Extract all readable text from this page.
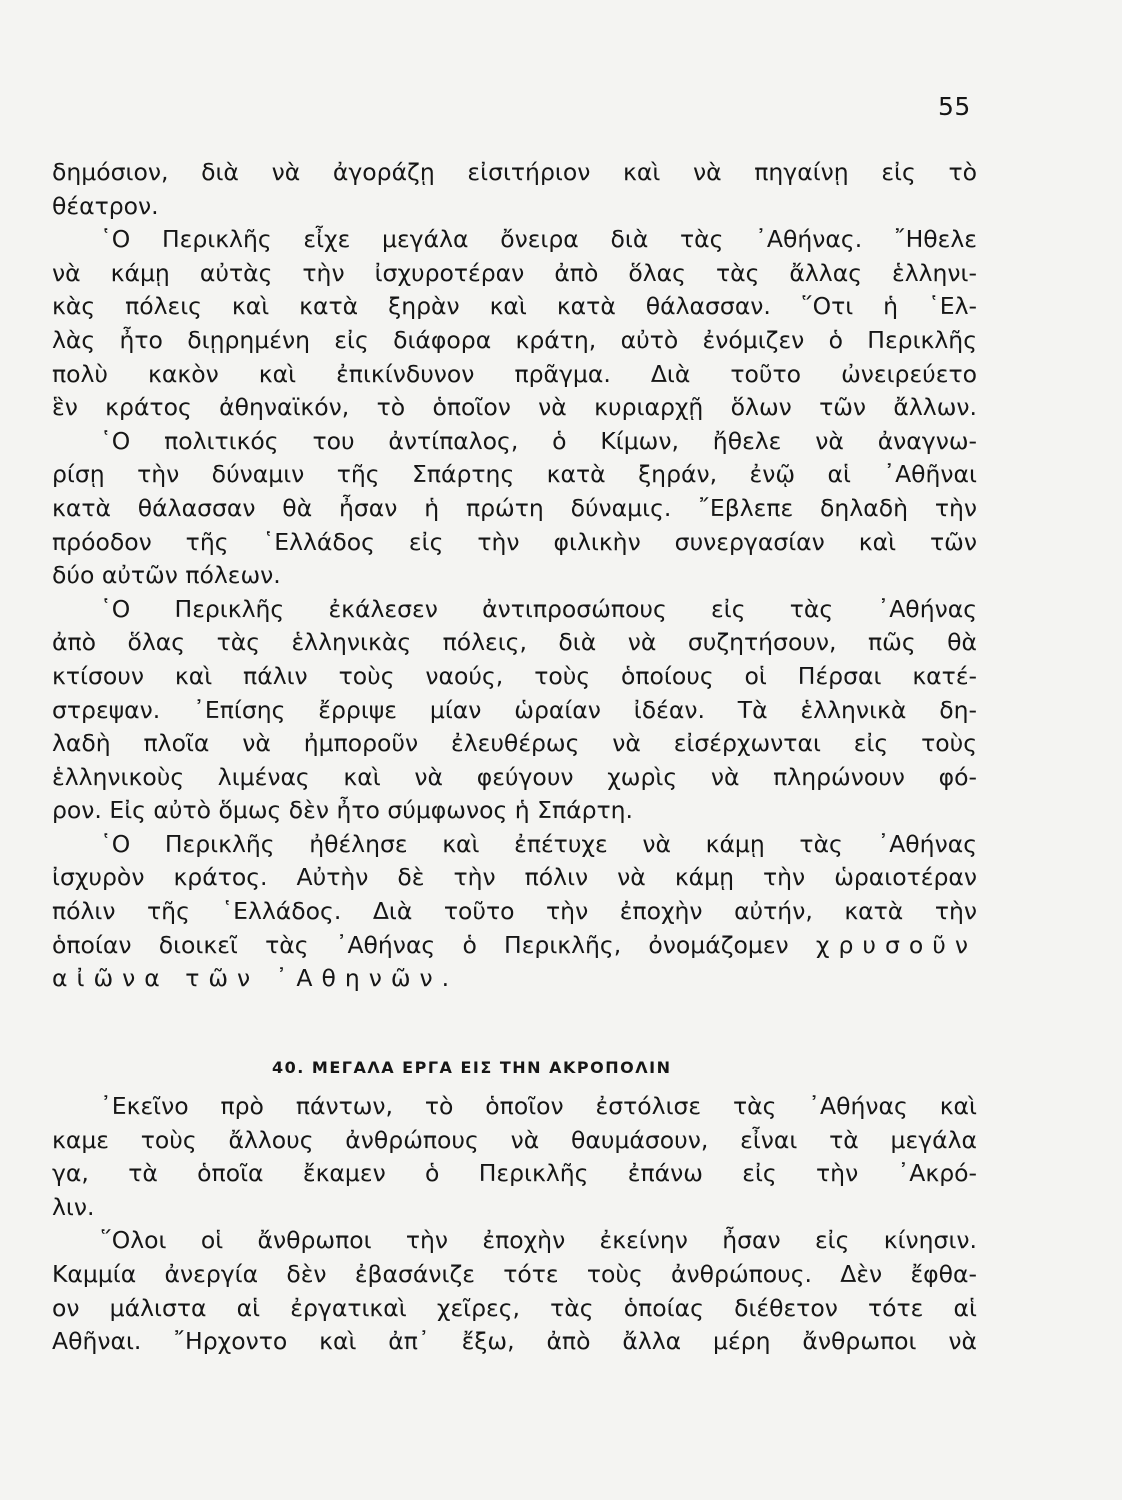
55
δημόσιον, διὰ νὰ ἀγοράζῃ εἰσιτήριον καὶ νὰ πηγαίνῃ εἰς τὸ
θέατρον.
῾Ο Περικλῆς εἶχε μεγάλα ὄνειρα διὰ τὰς ᾿Αθήνας. ῎Ηθελε
νὰ κάμῃ αὐτὰς τὴν ἰσχυροτέραν ἀπὸ ὅλας τὰς ἄλλας ἑλληνι-
κὰς πόλεις καὶ κατὰ ξηρὰν καὶ κατὰ θάλασσαν. ῞Οτι ἡ ῾Ελ-
λὰς ἦτο διῃρημένη εἰς διάφορα κράτη, αὐτὸ ἐνόμιζεν ὁ Περικλῆς
πολὺ κακὸν καὶ ἐπικίνδυνον πρᾶγμα. Διὰ τοῦτο ὠνειρεύετο
ἓν κράτος ἀθηναϊκόν, τὸ ὁποῖον νὰ κυριαρχῇ ὅλων τῶν ἄλλων.
῾Ο πολιτικός του ἀντίπαλος, ὁ Κίμων, ἤθελε νὰ ἀναγνω-
ρίσῃ τὴν δύναμιν τῆς Σπάρτης κατὰ ξηράν, ἐνῷ αἱ ᾿Αθῆναι
κατὰ θάλασσαν θὰ ἦσαν ἡ πρώτη δύναμις. ῎Εβλεπε δηλαδὴ τὴν
πρόοδον τῆς ῾Ελλάδος εἰς τὴν φιλικὴν συνεργασίαν καὶ τῶν
δύο αὐτῶν πόλεων.
῾Ο Περικλῆς ἐκάλεσεν ἀντιπροσώπους εἰς τὰς ᾿Αθήνας
ἀπὸ ὅλας τὰς ἑλληνικὰς πόλεις, διὰ νὰ συζητήσουν, πῶς θὰ
κτίσουν καὶ πάλιν τοὺς ναούς, τοὺς ὁποίους οἱ Πέρσαι κατέ-
στρεψαν. ᾿Επίσης ἔρριψε μίαν ὡραίαν ἰδέαν. Τὰ ἑλληνικὰ δη-
λαδὴ πλοῖα νὰ ἠμποροῦν ἐλευθέρως νὰ εἰσέρχωνται εἰς τοὺς
ἑλληνικοὺς λιμένας καὶ νὰ φεύγουν χωρὶς νὰ πληρώνουν φό-
ρον. Εἰς αὐτὸ ὅμως δὲν ἦτο σύμφωνος ἡ Σπάρτη.
῾Ο Περικλῆς ἠθέλησε καὶ ἐπέτυχε νὰ κάμῃ τὰς ᾿Αθήνας
ἰσχυρὸν κράτος. Αὐτὴν δὲ τὴν πόλιν νὰ κάμῃ τὴν ὡραιοτέραν
πόλιν τῆς ῾Ελλάδος. Διὰ τοῦτο τὴν ἐποχὴν αὐτήν, κατὰ τὴν
ὁποίαν διοικεῖ τὰς ᾿Αθήνας ὁ Περικλῆς, ὀνομάζομεν χρυσοῦν
αἰῶνα τῶν ᾿Αθηνῶν.
40. ΜΕΓΑΛΑ ΕΡΓΑ ΕΙΣ ΤΗΝ ΑΚΡΟΠΟΛΙΝ
᾿Εκεῖνο πρὸ πάντων, τὸ ὁποῖον ἐστόλισε τὰς ᾿Αθήνας καὶ
καμε τοὺς ἄλλους ἀνθρώπους νὰ θαυμάσουν, εἶναι τὰ μεγάλα
γα, τὰ ὁποῖα ἔκαμεν ὁ Περικλῆς ἐπάνω εἰς τὴν ᾿Ακρό-
λιν.
῞Ολοι οἱ ἄνθρωποι τὴν ἐποχὴν ἐκείνην ἦσαν εἰς κίνησιν.
Καμμία ἀνεργία δὲν ἐβασάνιζε τότε τοὺς ἀνθρώπους. Δὲν ἔφθα-
ον μάλιστα αἱ ἐργατικαὶ χεῖρες, τὰς ὁποίας διέθετον τότε αἱ
Αθῆναι. ῎Ηρχοντο καὶ ἀπ᾿ ἔξω, ἀπὸ ἄλλα μέρη ἄνθρωποι νὰ
